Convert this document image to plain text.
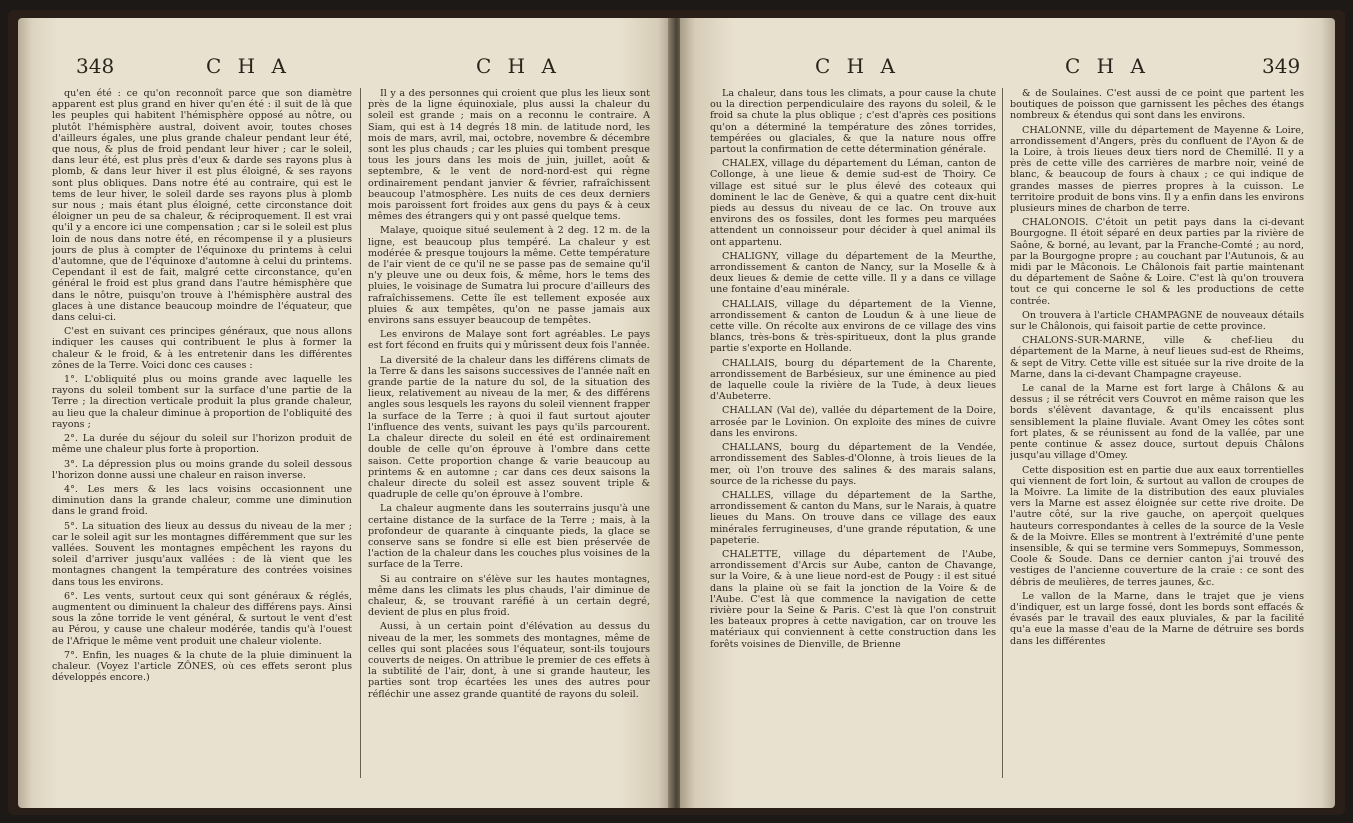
348	C H A	C H A

qu'en été : ce qu'on reconnoît parce que son diamètre apparent est plus grand en hiver qu'en été : il suit de là que les peuples qui habitent l'hémisphère opposé au nôtre, ou plutôt l'hémisphère austral, doivent avoir, toutes choses d'ailleurs égales, une plus grande chaleur pendant leur été, que nous, & plus de froid pendant leur hiver ; car le soleil, dans leur été, est plus près d'eux & darde ses rayons plus à plomb, & dans leur hiver il est plus éloigné, & ses rayons sont plus obliques. Dans notre été au contraire, qui est le tems de leur hiver, le soleil darde ses rayons plus à plomb sur nous ; mais étant plus éloigné, cette circonstance doit éloigner un peu de sa chaleur, & réciproquement. Il est vrai qu'il y a encore ici une compensation ; car si le soleil est plus loin de nous dans notre été, en récompense il y a plusieurs jours de plus à compter de l'équinoxe du printems à celui d'automne, que de l'équinoxe d'automne à celui du printems. Cependant il est de fait, malgré cette circonstance, qu'en général le froid est plus grand dans l'autre hémisphère que dans le nôtre, puisqu'on trouve à l'hémisphère austral des glaces à une distance beaucoup moindre de l'équateur, que dans celui-ci.

C'est en suivant ces principes généraux, que nous allons indiquer les causes qui contribuent le plus à former la chaleur & le froid, & à les entretenir dans les différentes zônes de la Terre. Voici donc ces causes :

1°. L'obliquité plus ou moins grande avec laquelle les rayons du soleil tombent sur la surface d'une partie de la Terre ; la direction verticale produit la plus grande chaleur, au lieu que la chaleur diminue à proportion de l'obliquité des rayons ;

2°. La durée du séjour du soleil sur l'horizon produit de même une chaleur plus forte à proportion.

3°. La dépression plus ou moins grande du soleil dessous l'horizon donne aussi une chaleur en raison inverse.

4°. Les mers & les lacs voisins occasionnent une diminution dans la grande chaleur, comme une diminution dans le grand froid.

5°. La situation des lieux au dessus du niveau de la mer ; car le soleil agit sur les montagnes différemment que sur les vallées. Souvent les montagnes empêchent les rayons du soleil d'arriver jusqu'aux vallées : de là vient que les montagnes changent la température des contrées voisines dans tous les environs.

6°. Les vents, surtout ceux qui sont généraux & réglés, augmentent ou diminuent la chaleur des différens pays. Ainsi sous la zône torride le vent général, & surtout le vent d'est au Pérou, y cause une chaleur modérée, tandis qu'à l'ouest de l'Afrique le même vent produit une chaleur violente.

7°. Enfin, les nuages & la chute de la pluie diminuent la chaleur. (Voyez l'article ZÔNES, où ces effets seront plus développés encore.)

Il y a des personnes qui croient que plus les lieux sont près de la ligne équinoxiale, plus aussi la chaleur du soleil est grande ; mais on a reconnu le contraire. A Siam, qui est à 14 degrés 18 min. de latitude nord, les mois de mars, avril, mai, octobre, novembre & décembre sont les plus chauds ; car les pluies qui tombent presque tous les jours dans les mois de juin, juillet, août & septembre, & le vent de nord-nord-est qui règne ordinairement pendant janvier & février, rafraîchissent beaucoup l'atmosphère. Les nuits de ces deux derniers mois paroissent fort froides aux gens du pays & à ceux mêmes des étrangers qui y ont passé quelque tems.

Malaye, quoique situé seulement à 2 deg. 12 m. de la ligne, est beaucoup plus tempéré. La chaleur y est modérée & presque toujours la même. Cette température de l'air vient de ce qu'il ne se passe pas de semaine qu'il n'y pleuve une ou deux fois, & même, hors le tems des pluies, le voisinage de Sumatra lui procure d'ailleurs des rafraîchissemens. Cette île est tellement exposée aux pluies & aux tempêtes, qu'on ne passe jamais aux environs sans essuyer beaucoup de tempêtes.

Les environs de Malaye sont fort agréables. Le pays est fort fécond en fruits qui y mûrissent deux fois l'année.

La diversité de la chaleur dans les différens climats de la Terre & dans les saisons successives de l'année naît en grande partie de la nature du sol, de la situation des lieux, relativement au niveau de la mer, & des différens angles sous lesquels les rayons du soleil viennent frapper la surface de la Terre ; à quoi il faut surtout ajouter l'influence des vents, suivant les pays qu'ils parcourent. La chaleur directe du soleil en été est ordinairement double de celle qu'on éprouve à l'ombre dans cette saison. Cette proportion change & varie beaucoup au printems & en automne ; car dans ces deux saisons la chaleur directe du soleil est assez souvent triple & quadruple de celle qu'on éprouve à l'ombre.

La chaleur augmente dans les souterrains jusqu'à une certaine distance de la surface de la Terre ; mais, à la profondeur de quarante à cinquante pieds, la glace se conserve sans se fondre si elle est bien préservée de l'action de la chaleur dans les couches plus voisines de la surface de la Terre.

Si au contraire on s'élève sur les hautes montagnes, même dans les climats les plus chauds, l'air diminue de chaleur, &, se trouvant raréfié à un certain degré, devient de plus en plus froid.

Aussi, à un certain point d'élévation au dessus du niveau de la mer, les sommets des montagnes, même de celles qui sont placées sous l'équateur, sont-ils toujours couverts de neiges. On attribue le premier de ces effets à la subtilité de l'air, dont, à une si grande hauteur, les parties sont trop écartées les unes des autres pour réfléchir une assez grande quantité de rayons du soleil.

C H A	C H A	349

La chaleur, dans tous les climats, a pour cause la chute ou la direction perpendiculaire des rayons du soleil, & le froid sa chute la plus oblique ; c'est d'après ces positions qu'on a déterminé la température des zônes torrides, tempérées ou glaciales, & que la nature nous offre partout la confirmation de cette détermination générale.

CHALEX, village du département du Léman, canton de Collonge, à une lieue & demie sud-est de Thoiry. Ce village est situé sur le plus élevé des coteaux qui dominent le lac de Genève, & qui a quatre cent dix-huit pieds au dessus du niveau de ce lac. On trouve aux environs des os fossiles, dont les formes peu marquées attendent un connoisseur pour décider à quel animal ils ont appartenu.

CHALIGNY, village du département de la Meurthe, arrondissement & canton de Nancy, sur la Moselle & à deux lieues & demie de cette ville. Il y a dans ce village une fontaine d'eau minérale.

CHALLAIS, village du département de la Vienne, arrondissement & canton de Loudun & à une lieue de cette ville. On récolte aux environs de ce village des vins blancs, très-bons & très-spiritueux, dont la plus grande partie s'exporte en Hollande.

CHALLAIS, bourg du département de la Charente, arrondissement de Barbésieux, sur une éminence au pied de laquelle coule la rivière de la Tude, à deux lieues d'Aubeterre.

CHALLAN (Val de), vallée du département de la Doire, arrosée par le Lovinion. On exploite des mines de cuivre dans les environs.

CHALLANS, bourg du département de la Vendée, arrondissement des Sables-d'Olonne, à trois lieues de la mer, où l'on trouve des salines & des marais salans, source de la richesse du pays.

CHALLES, village du département de la Sarthe, arrondissement & canton du Mans, sur le Narais, à quatre lieues du Mans. On trouve dans ce village des eaux minérales ferrugineuses, d'une grande réputation, & une papeterie.

CHALETTE, village du département de l'Aube, arrondissement d'Arcis sur Aube, canton de Chavange, sur la Voire, & à une lieue nord-est de Pougy : il est situé dans la plaine où se fait la jonction de la Voire & de l'Aube. C'est là que commence la navigation de cette rivière pour la Seine & Paris. C'est là que l'on construit les bateaux propres à cette navigation, car on trouve les matériaux qui conviennent à cette construction dans les forêts voisines de Dienville, de Brienne

& de Soulaines. C'est aussi de ce point que partent les boutiques de poisson que garnissent les pêches des étangs nombreux & étendus qui sont dans les environs.

CHALONNE, ville du département de Mayenne & Loire, arrondissement d'Angers, près du confluent de l'Ayon & de la Loire, à trois lieues deux tiers nord de Chemillé. Il y a près de cette ville des carrières de marbre noir, veiné de blanc, & beaucoup de fours à chaux ; ce qui indique de grandes masses de pierres propres à la cuisson. Le territoire produit de bons vins. Il y a enfin dans les environs plusieurs mines de charbon de terre.

CHALONOIS. C'étoit un petit pays dans la ci-devant Bourgogne. Il étoit séparé en deux parties par la rivière de Saône, & borné, au levant, par la Franche-Comté ; au nord, par la Bourgogne propre ; au couchant par l'Autunois, & au midi par le Mâconois. Le Châlonois fait partie maintenant du département de Saône & Loire. C'est là qu'on trouvera tout ce qui concerne le sol & les productions de cette contrée.

On trouvera à l'article CHAMPAGNE de nouveaux détails sur le Châlonois, qui faisoit partie de cette province.

CHALONS-SUR-MARNE, ville & chef-lieu du département de la Marne, à neuf lieues sud-est de Rheims, & sept de Vitry. Cette ville est située sur la rive droite de la Marne, dans la ci-devant Champagne crayeuse.

Le canal de la Marne est fort large à Châlons & au dessus ; il se rétrécit vers Couvrot en même raison que les bords s'élèvent davantage, & qu'ils encaissent plus sensiblement la plaine fluviale. Avant Omey les côtes sont fort plates, & se réunissent au fond de la vallée, par une pente continue & assez douce, surtout depuis Châlons jusqu'au village d'Omey.

Cette disposition est en partie due aux eaux torrentielles qui viennent de fort loin, & surtout au vallon de croupes de la Moivre. La limite de la distribution des eaux pluviales vers la Marne est assez éloignée sur cette rive droite. De l'autre côté, sur la rive gauche, on aperçoit quelques hauteurs correspondantes à celles de la source de la Vesle & de la Moivre. Elles se montrent à l'extrémité d'une pente insensible, & qui se termine vers Sommepuys, Sommesson, Coole & Soude. Dans ce dernier canton j'ai trouvé des vestiges de l'ancienne couverture de la craie : ce sont des débris de meulières, de terres jaunes, &c.

Le vallon de la Marne, dans le trajet que je viens d'indiquer, est un large fossé, dont les bords sont effacés & évasés par le travail des eaux pluviales, & par la facilité qu'a eue la masse d'eau de la Marne de détruire ses bords dans les différentes
